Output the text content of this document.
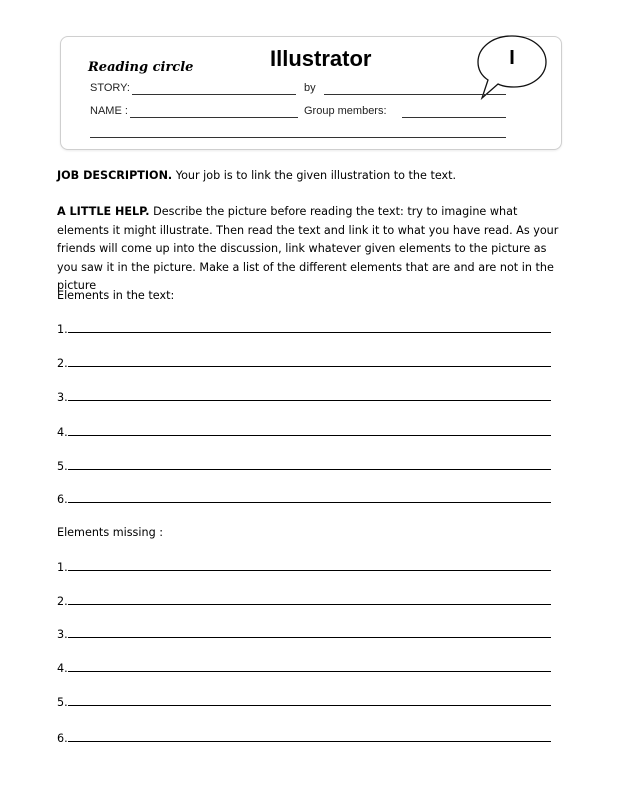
Reading circle	Illustrator	I
STORY:	by
NAME :	Group members:
JOB DESCRIPTION. Your job is to link the given illustration to the text.
A LITTLE HELP. Describe the picture before reading the text: try to imagine what elements it might illustrate. Then read the text and link it to what you have read. As your friends will come up into the discussion, link whatever given elements to the picture as you saw it in the picture. Make a list of the different elements that are and are not in the picture
Elements in the text:
1.
2.
3.
4.
5.
6.
Elements missing :
1.
2.
3.
4.
5.
6.
